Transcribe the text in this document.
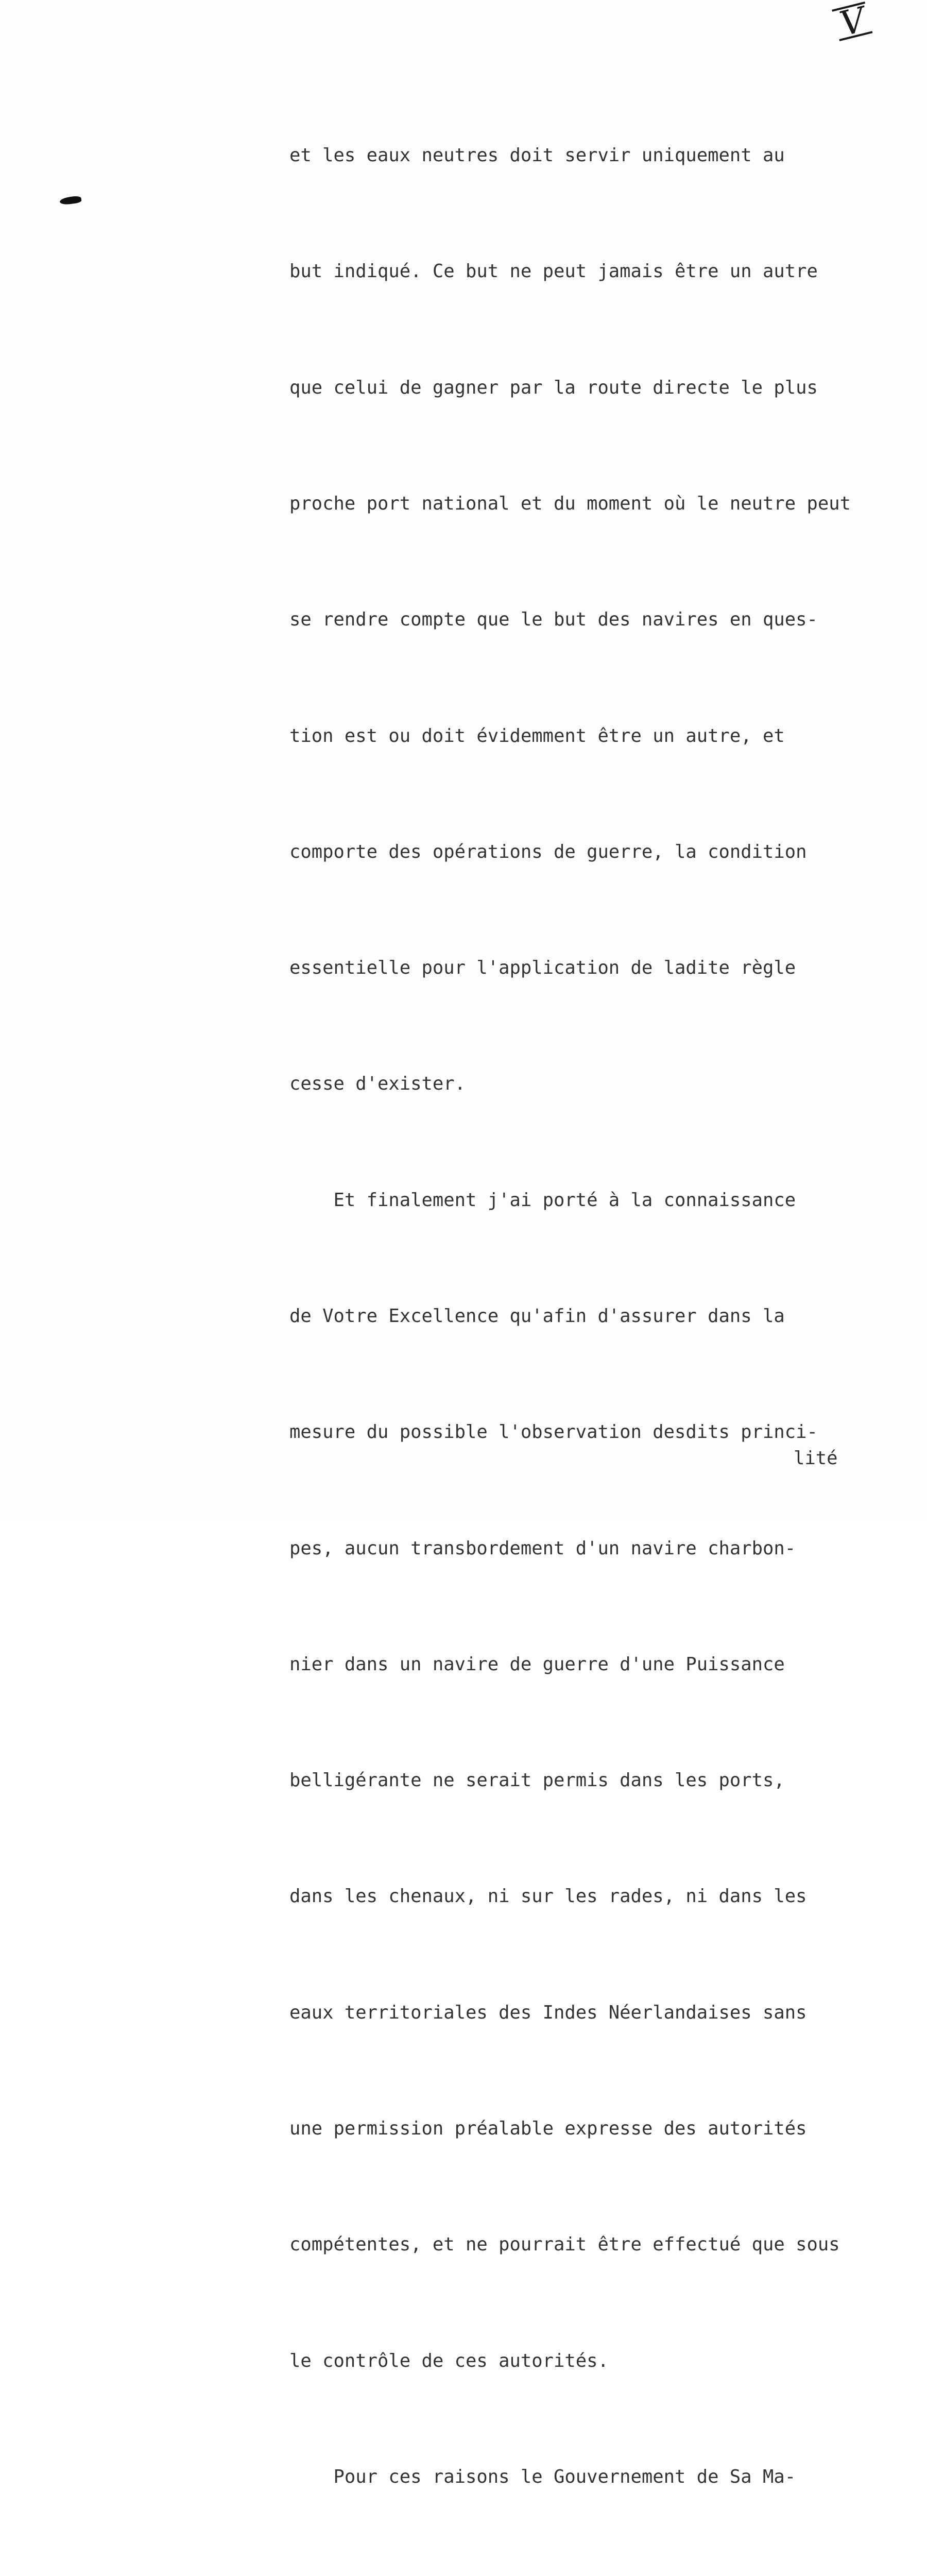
V

et les eaux neutres doit servir uniquement au

but indiqué. Ce but ne peut jamais être un autre

que celui de gagner par la route directe le plus

proche port national et du moment où le neutre peut

se rendre compte que le but des navires en ques-

tion est ou doit évidemment être un autre, et

comporte des opérations de guerre, la condition

essentielle pour l'application de ladite règle

cesse d'exister.

Et finalement j'ai porté à la connaissance

de Votre Excellence qu'afin d'assurer dans la

mesure du possible l'observation desdits princi-

pes, aucun transbordement d'un navire charbon-

nier dans un navire de guerre d'une Puissance

belligérante ne serait permis dans les ports,

dans les chenaux, ni sur les rades, ni dans les

eaux territoriales des Indes Néerlandaises sans

une permission préalable expresse des autorités

compétentes, et ne pourrait être effectué que sous

le contrôle de ces autorités.

Pour ces raisons le Gouvernement de Sa Ma-

lité
